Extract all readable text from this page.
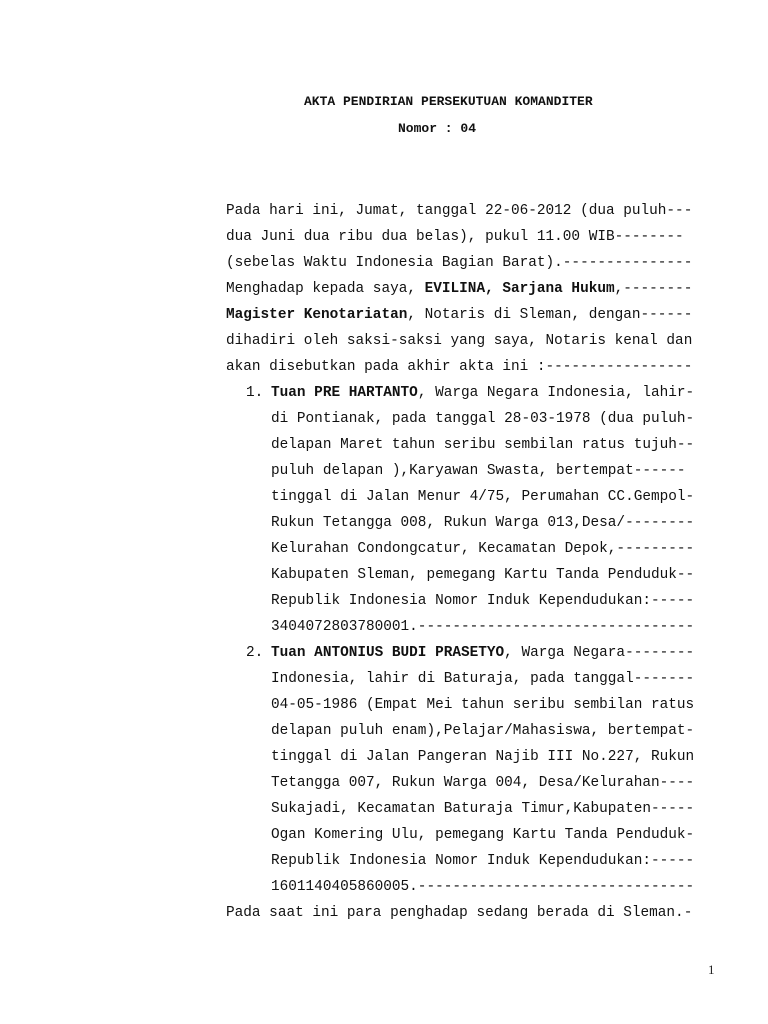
AKTA PENDIRIAN PERSEKUTUAN KOMANDITER
Nomor : 04
Pada hari ini, Jumat, tanggal 22-06-2012 (dua puluh---
dua Juni dua ribu dua belas), pukul 11.00 WIB--------
(sebelas Waktu Indonesia Bagian Barat).---------------
Menghadap kepada saya, EVILINA, Sarjana Hukum,--------
Magister Kenotariatan, Notaris di Sleman, dengan------
dihadiri oleh saksi-saksi yang saya, Notaris kenal dan
akan disebutkan pada akhir akta ini :-----------------
1. Tuan PRE HARTANTO, Warga Negara Indonesia, lahir-
di Pontianak, pada tanggal 28-03-1978 (dua puluh-
delapan Maret tahun seribu sembilan ratus tujuh--
puluh delapan ),Karyawan Swasta, bertempat------
tinggal di Jalan Menur 4/75, Perumahan CC.Gempol-
Rukun Tetangga 008, Rukun Warga 013,Desa/--------
Kelurahan Condongcatur, Kecamatan Depok,---------
Kabupaten Sleman, pemegang Kartu Tanda Penduduk--
Republik Indonesia Nomor Induk Kependudukan:-----
3404072803780001.--------------------------------
2. Tuan ANTONIUS BUDI PRASETYO, Warga Negara--------
Indonesia, lahir di Baturaja, pada tanggal-------
04-05-1986 (Empat Mei tahun seribu sembilan ratus
delapan puluh enam),Pelajar/Mahasiswa, bertempat-
tinggal di Jalan Pangeran Najib III No.227, Rukun
Tetangga 007, Rukun Warga 004, Desa/Kelurahan----
Sukajadi, Kecamatan Baturaja Timur,Kabupaten-----
Ogan Komering Ulu, pemegang Kartu Tanda Penduduk-
Republik Indonesia Nomor Induk Kependudukan:-----
1601140405860005.--------------------------------
Pada saat ini para penghadap sedang berada di Sleman.-
1
